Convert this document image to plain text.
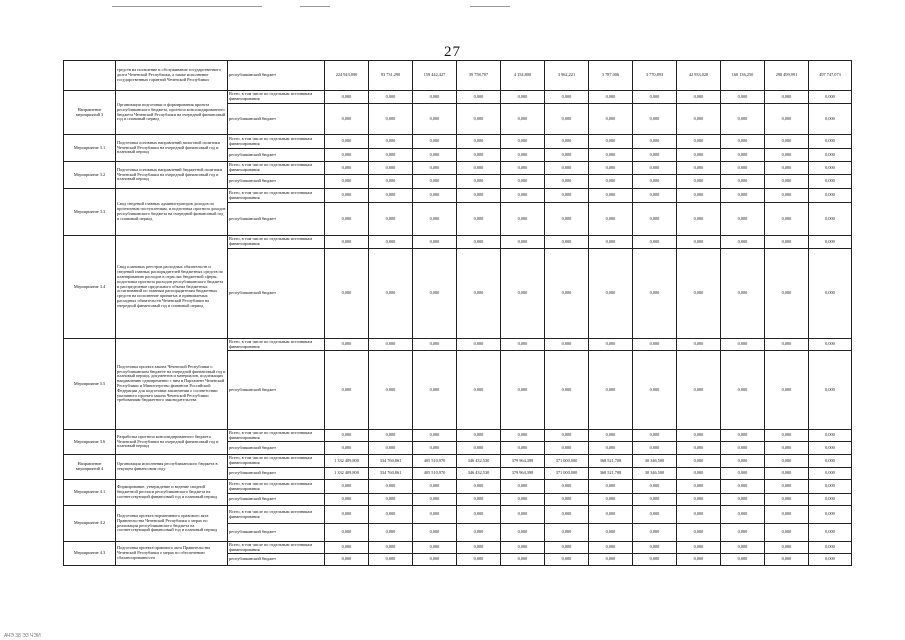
27
	средств на погашение и обслуживание государственного долга Чеченской Республики, а также исполнение государственных гарантий Чеченской Республики	республиканский бюджет	224 943,090	93 731,290	159 442,427	39 758,707	4 154,800	3 962,221	3 787,006	3 770,893	42 933,020	160 136,250	290 499,991	497 747,073
Направление мероприятий 3	Организация подготовки и формирования проекта республиканского бюджета, прогноза консолидированного бюджета Чеченской Республики на очередной финансовый год и плановый период	Всего, в том числе по отдельным источникам финансирования	0,000	0,000	0,000	0,000	0,000	0,000	0,000	0,000	0,000	0,000	0,000	0,000
		республиканский бюджет	0,000	0,000	0,000	0,000	0,000	0,000	0,000	0,000	0,000	0,000	0,000	0,000
Мероприятие 3.1	Подготовка основных направлений налоговой политики Чеченской Республики на очередной финансовый год и плановый период	Всего, в том числе по отдельным источникам финансирования	0,000	0,000	0,000	0,000	0,000	0,000	0,000	0,000	0,000	0,000	0,000	0,000
		республиканский бюджет	0,000	0,000	0,000	0,000	0,000	0,000	0,000	0,000	0,000	0,000	0,000	0,000
Мероприятие 3.2	Подготовка основных направлений бюджетной политики Чеченской Республики на очередной финансовый год и плановый период	Всего, в том числе по отдельным источникам финансирования	0,000	0,000	0,000	0,000	0,000	0,000	0,000	0,000	0,000	0,000	0,000	0,000
		республиканский бюджет	0,000	0,000	0,000	0,000	0,000	0,000	0,000	0,000	0,000	0,000	0,000	0,000
Мероприятие 3.3	Свод сведений главных администраторов доходов по прогнозным поступлениям, и подготовка прогноза доходов республиканского бюджета на очередной финансовый год и плановый период	Всего, в том числе по отдельным источникам финансирования	0,000	0,000	0,000	0,000	0,000	0,000	0,000	0,000	0,000	0,000	0,000	0,000
		республиканский бюджет	0,000	0,000	0,000	0,000	0,000	0,000	0,000	0,000	0,000	0,000	0,000	0,000
Мероприятие 3.4	Свод плановых реестров расходных обязательств и сведений главных распорядителей бюджетных средств по планированию расходов в отраслях бюджетной сферы, подготовка прогноза расходов республиканского бюджета и распределение предельного объема бюджетных ассигнований по главным распорядителям бюджетных средств на исполнение принятых и принимаемых расходных обязательств Чеченской Республики на очередной финансовый год и плановый период	Всего, в том числе по отдельным источникам финансирования	0,000	0,000	0,000	0,000	0,000	0,000	0,000	0,000	0,000	0,000	0,000	0,000
		республиканский бюджет	0,000	0,000	0,000	0,000	0,000	0,000	0,000	0,000	0,000	0,000	0,000	0,000
Мероприятие 3.5	Подготовка проекта закона Чеченской Республики о республиканском бюджете на очередной финансовый год и плановый период, документов и материалов, подлежащих направлению одновременно с ним в Парламент Чеченской Республики и Министерство финансов Российской Федерации для подготовки заключения о соответствии указанного проекта закона Чеченской Республики требованиям бюджетного законодательства	Всего, в том числе по отдельным источникам финансирования	0,000	0,000	0,000	0,000	0,000	0,000	0,000	0,000	0,000	0,000	0,000	0,000
		республиканский бюджет	0,000	0,000	0,000	0,000	0,000	0,000	0,000	0,000	0,000	0,000	0,000	0,000
Мероприятие 3.6	Разработка прогноза консолидированного бюджета Чеченской Республики на очередной финансовый год и плановый период	Всего, в том числе по отдельным источникам финансирования	0,000	0,000	0,000	0,000	0,000	0,000	0,000	0,000	0,000	0,000	0,000	0,000
		республиканский бюджет	0,000	0,000	0,000	0,000	0,000	0,000	0,000	0,000	0,000	0,000	0,000	0,000
Направление мероприятий 4	Организация исполнения республиканского бюджета в текущем финансовом году	Всего, в том числе по отдельным источникам финансирования	1 332 409,800	334 760,861	405 510,970	346 432,530	379 964,398	371 000,000	368 521,708	30 346,500	0,000	0,000	0,000	0,000
		республиканский бюджет	1 332 409,800	334 760,861	405 510,970	346 432,530	379 964,398	371 000,000	368 521,708	30 346,500	0,000	0,000	0,000	0,000
Мероприятие 4.1	Формирование, утверждение и ведение сводной бюджетной росписи республиканского бюджета на соответствующий финансовый год и плановый период	Всего, в том числе по отдельным источникам финансирования	0,000	0,000	0,000	0,000	0,000	0,000	0,000	0,000	0,000	0,000	0,000	0,000
		республиканский бюджет	0,000	0,000	0,000	0,000	0,000	0,000	0,000	0,000	0,000	0,000	0,000	0,000
Мероприятие 4.2	Подготовка проекта нормативного правового акта Правительства Чеченской Республики о мерах по реализации республиканского бюджета на соответствующий финансовый год и плановый период	Всего, в том числе по отдельным источникам финансирования	0,000	0,000	0,000	0,000	0,000	0,000	0,000	0,000	0,000	0,000	0,000	0,000
		республиканский бюджет	0,000	0,000	0,000	0,000	0,000	0,000	0,000	0,000	0,000	0,000	0,000	0,000
Мероприятие 4.3	Подготовка проекта правового акта Правительства Чеченской Республики о мерах по обеспечению сбалансированности	Всего, в том числе по отдельным источникам финансирования	0,000	0,000	0,000	0,000	0,000	0,000	0,000	0,000	0,000	0,000	0,000	0,000
		республиканский бюджет	0,000	0,000	0,000	0,000	0,000	0,000	0,000	0,000	0,000	0,000	0,000	0,000
АЧЭ 38 ЭЗ ЧЭИ
